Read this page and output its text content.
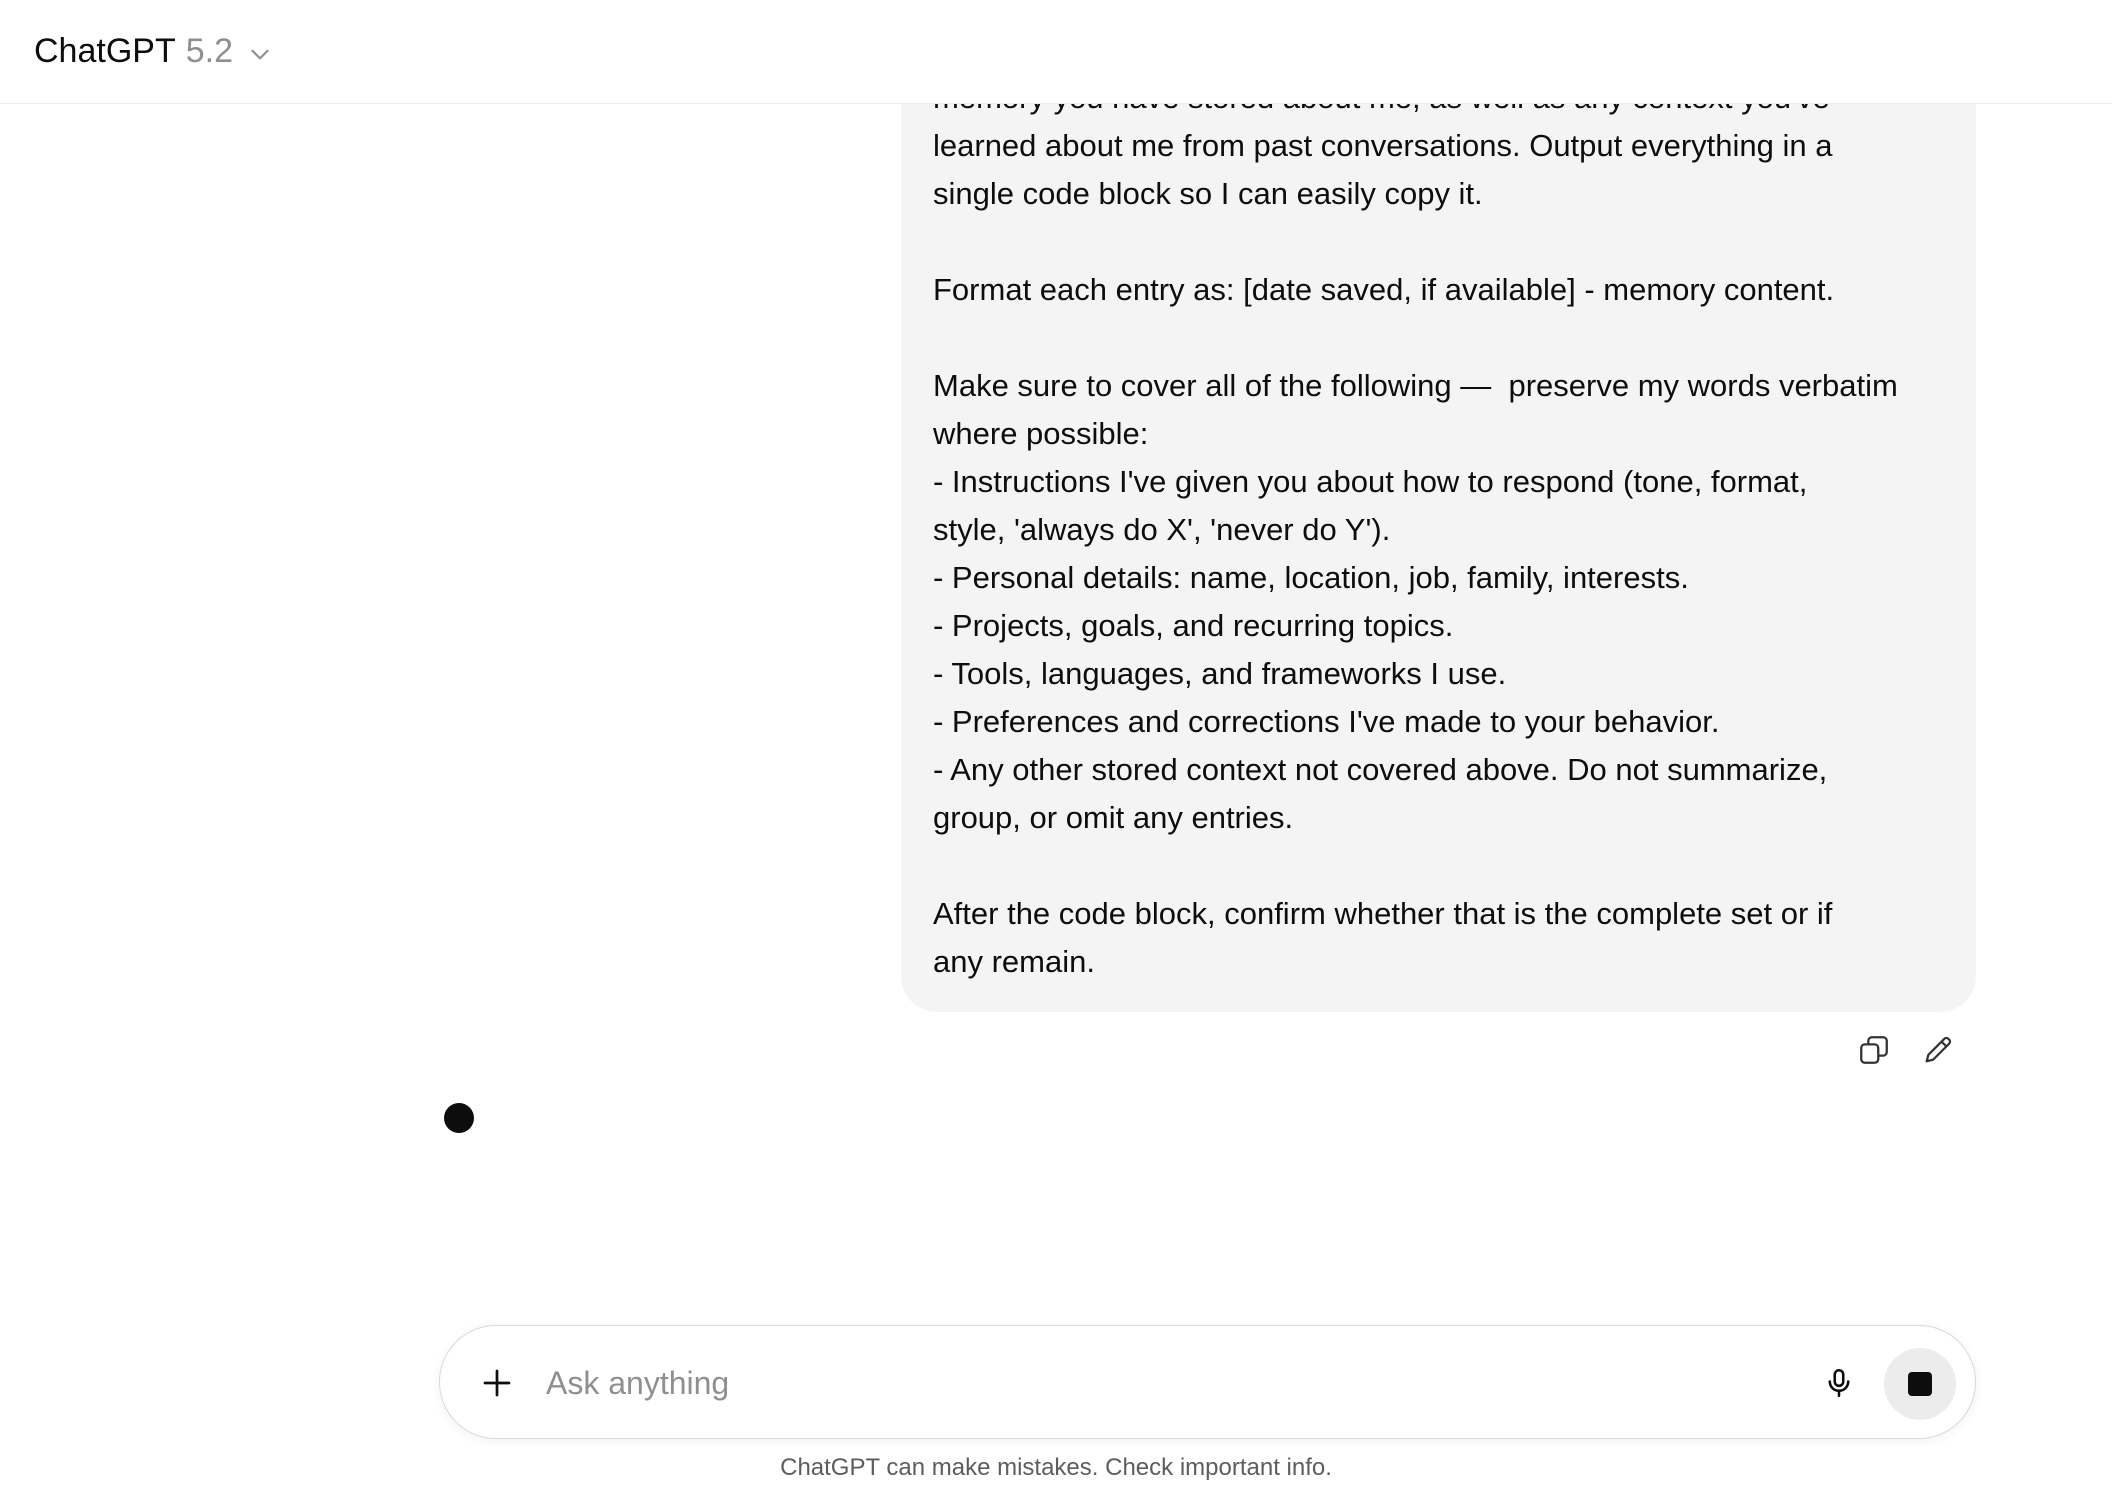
ChatGPT 5.2
learned about me from past conversations. Output everything in a
single code block so I can easily copy it.
Format each entry as: [date saved, if available] - memory content.
Make sure to cover all of the following —  preserve my words verbatim
where possible:
- Instructions I've given you about how to respond (tone, format,
style, 'always do X', 'never do Y').
- Personal details: name, location, job, family, interests.
- Projects, goals, and recurring topics.
- Tools, languages, and frameworks I use.
- Preferences and corrections I've made to your behavior.
- Any other stored context not covered above. Do not summarize,
group, or omit any entries.
After the code block, confirm whether that is the complete set or if
any remain.
Ask anything
ChatGPT can make mistakes. Check important info.
